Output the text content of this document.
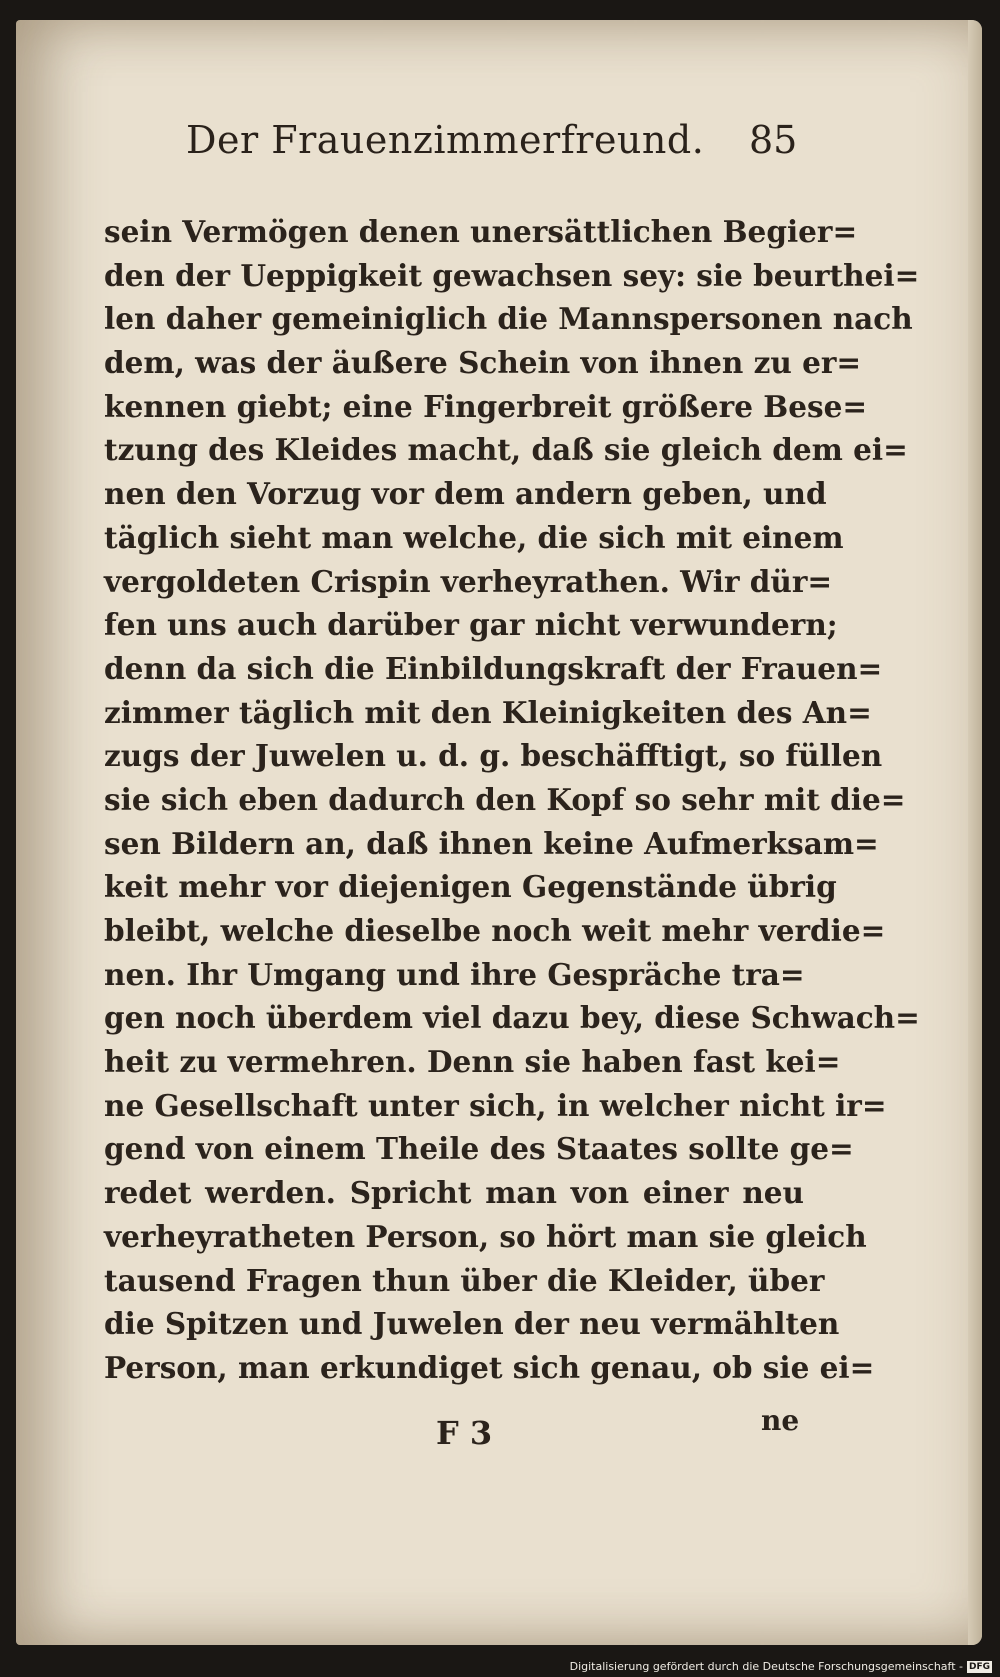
Der Frauenzimmerfreund. 85
sein Vermögen denen unersättlichen Begier=
den der Ueppigkeit gewachsen sey: sie beurthei=
len daher gemeiniglich die Mannspersonen nach
dem, was der äußere Schein von ihnen zu er=
kennen giebt; eine Fingerbreit größere Bese=
tzung des Kleides macht, daß sie gleich dem ei=
nen den Vorzug vor dem andern geben, und
täglich sieht man welche, die sich mit einem
vergoldeten Crispin verheyrathen. Wir dür=
fen uns auch darüber gar nicht verwundern;
denn da sich die Einbildungskraft der Frauen=
zimmer täglich mit den Kleinigkeiten des An=
zugs der Juwelen u. d. g. beschäfftigt, so füllen
sie sich eben dadurch den Kopf so sehr mit die=
sen Bildern an, daß ihnen keine Aufmerksam=
keit mehr vor diejenigen Gegenstände übrig
bleibt, welche dieselbe noch weit mehr verdie=
nen. Ihr Umgang und ihre Gespräche tra=
gen noch überdem viel dazu bey, diese Schwach=
heit zu vermehren. Denn sie haben fast kei=
ne Gesellschaft unter sich, in welcher nicht ir=
gend von einem Theile des Staates sollte ge=
redet werden. Spricht man von einer neu
verheyratheten Person, so hört man sie gleich
tausend Fragen thun über die Kleider, über
die Spitzen und Juwelen der neu vermählten
Person, man erkundiget sich genau, ob sie ei=
F 3	ne
Digitalisierung gefördert durch die Deutsche Forschungsgemeinschaft - DFG
